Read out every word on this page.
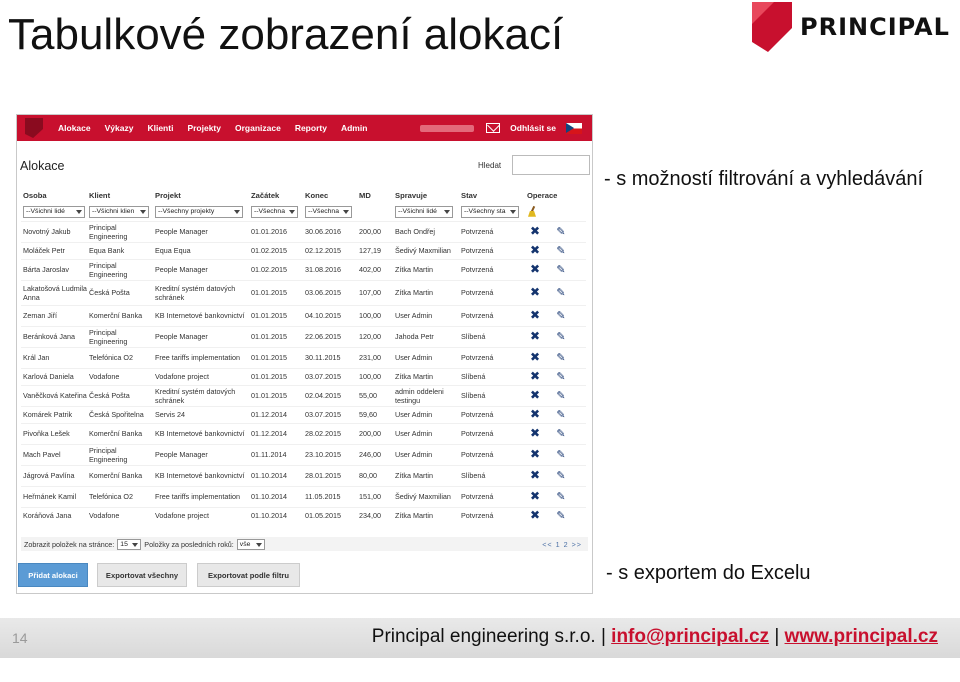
Tabulkové zobrazení alokací	PRINCIPAL
- s možností filtrování a vyhledávání
- s exportem do Excelu
Alokace Výkazy Klienti Projekty Organizace Reporty Admin	Odhlásit se
Alokace	Hledat
Osoba	Klient	Projekt	Začátek	Konec	MD	Spravuje	Stav	Operace

--Všichni lidé	--Všichni klien	--Všechny projekty	--Všechna	--Všechna		--Všichni lidé	--Všechny sta	

Novotný Jakub	Principal Engineering	People Manager	01.01.2016	30.06.2016	200,00	Bach Ondřej	Potvrzená	✖ ✎
Moláček Petr	Equa Bank	Equa Equa	01.02.2015	02.12.2015	127,19	Šedivý Maxmilian	Potvrzená	✖ ✎
Bárta Jaroslav	Principal Engineering	People Manager	01.02.2015	31.08.2016	402,00	Zítka Martin	Potvrzená	✖ ✎
Lakatošová Ludmila Anna	Česká Pošta	Kreditní systém datových schránek	01.01.2015	03.06.2015	107,00	Zítka Martin	Potvrzená	✖ ✎
Zeman Jiří	Komerční Banka	KB Internetové bankovnictví	01.01.2015	04.10.2015	100,00	User Admin	Potvrzená	✖ ✎
Beránková Jana	Principal Engineering	People Manager	01.01.2015	22.06.2015	120,00	Jahoda Petr	Slíbená	✖ ✎
Král Jan	Telefónica O2	Free tariffs implementation	01.01.2015	30.11.2015	231,00	User Admin	Potvrzená	✖ ✎
Karlová Daniela	Vodafone	Vodafone project	01.01.2015	03.07.2015	100,00	Zítka Martin	Slíbená	✖ ✎
Vaněčková Kateřina	Česká Pošta	Kreditní systém datových schránek	01.01.2015	02.04.2015	55,00	admin oddeleni testingu	Slíbená	✖ ✎
Komárek Patrik	Česká Spořitelna	Servis 24	01.12.2014	03.07.2015	59,60	User Admin	Potvrzená	✖ ✎
Pivoňka Lešek	Komerční Banka	KB Internetové bankovnictví	01.12.2014	28.02.2015	200,00	User Admin	Potvrzená	✖ ✎
Mach Pavel	Principal Engineering	People Manager	01.11.2014	23.10.2015	246,00	User Admin	Potvrzená	✖ ✎
Jágrová Pavlína	Komerční Banka	KB Internetové bankovnictví	01.10.2014	28.01.2015	80,00	Zítka Martin	Slíbená	✖ ✎
Heřmánek Kamil	Telefónica O2	Free tariffs implementation	01.10.2014	11.05.2015	151,00	Šedivý Maxmilian	Potvrzená	✖ ✎
Koráňová Jana	Vodafone	Vodafone project	01.10.2014	01.05.2015	234,00	Zítka Martin	Potvrzená	✖ ✎
Zobrazit položek na stránce: 15	Položky za posledních roků: vše	<< 1 2 >>
Přidat alokaci	Exportovat všechny	Exportovat podle filtru
14	Principal engineering s.r.o. | info@principal.cz | www.principal.cz
